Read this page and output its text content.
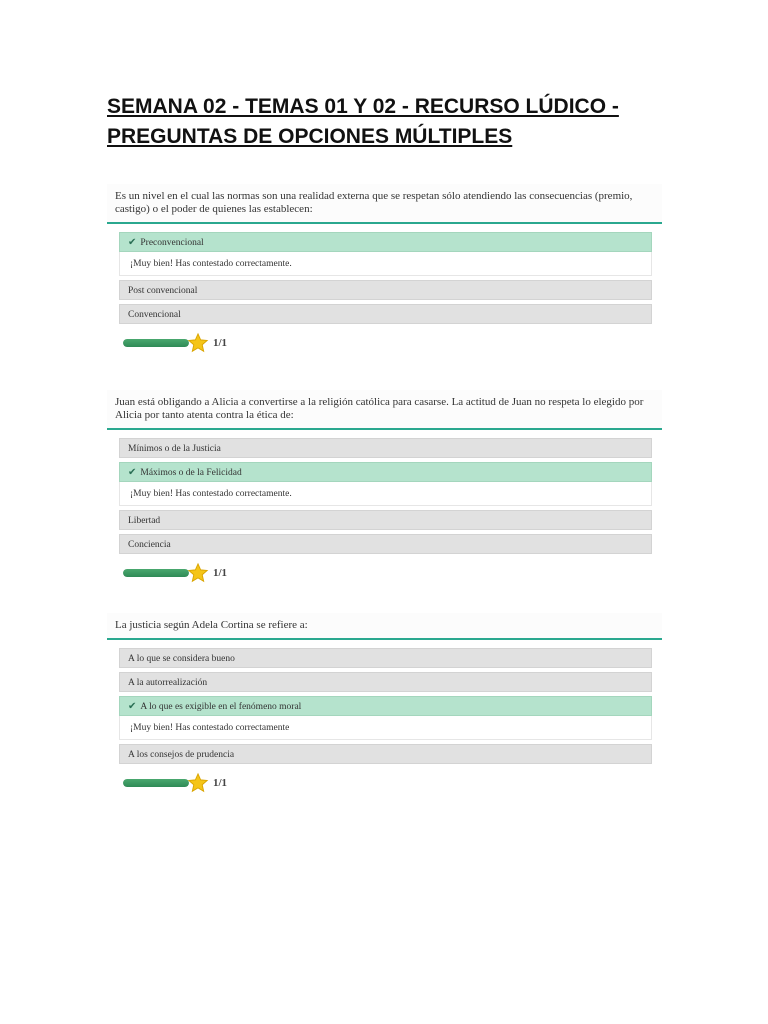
SEMANA 02 - TEMAS 01 Y 02 - RECURSO LÚDICO - PREGUNTAS DE OPCIONES MÚLTIPLES
Es un nivel en el cual las normas son una realidad externa que se respetan sólo atendiendo las consecuencias (premio, castigo) o el poder de quienes las establecen:
✔ Preconvencional
¡Muy bien! Has contestado correctamente.
Post convencional
Convencional
1/1
Juan está obligando a Alicia a convertirse a la religión católica para casarse. La actitud de Juan no respeta lo elegido por Alicia por tanto atenta contra la ética de:
Mínimos o de la Justicia
✔ Máximos o de la Felicidad
¡Muy bien! Has contestado correctamente.
Libertad
Conciencia
1/1
La justicia según Adela Cortina se refiere a:
A lo que se considera bueno
A la autorrealización
✔ A lo que es exigible en el fenómeno moral
¡Muy bien! Has contestado correctamente
A los consejos de prudencia
1/1
